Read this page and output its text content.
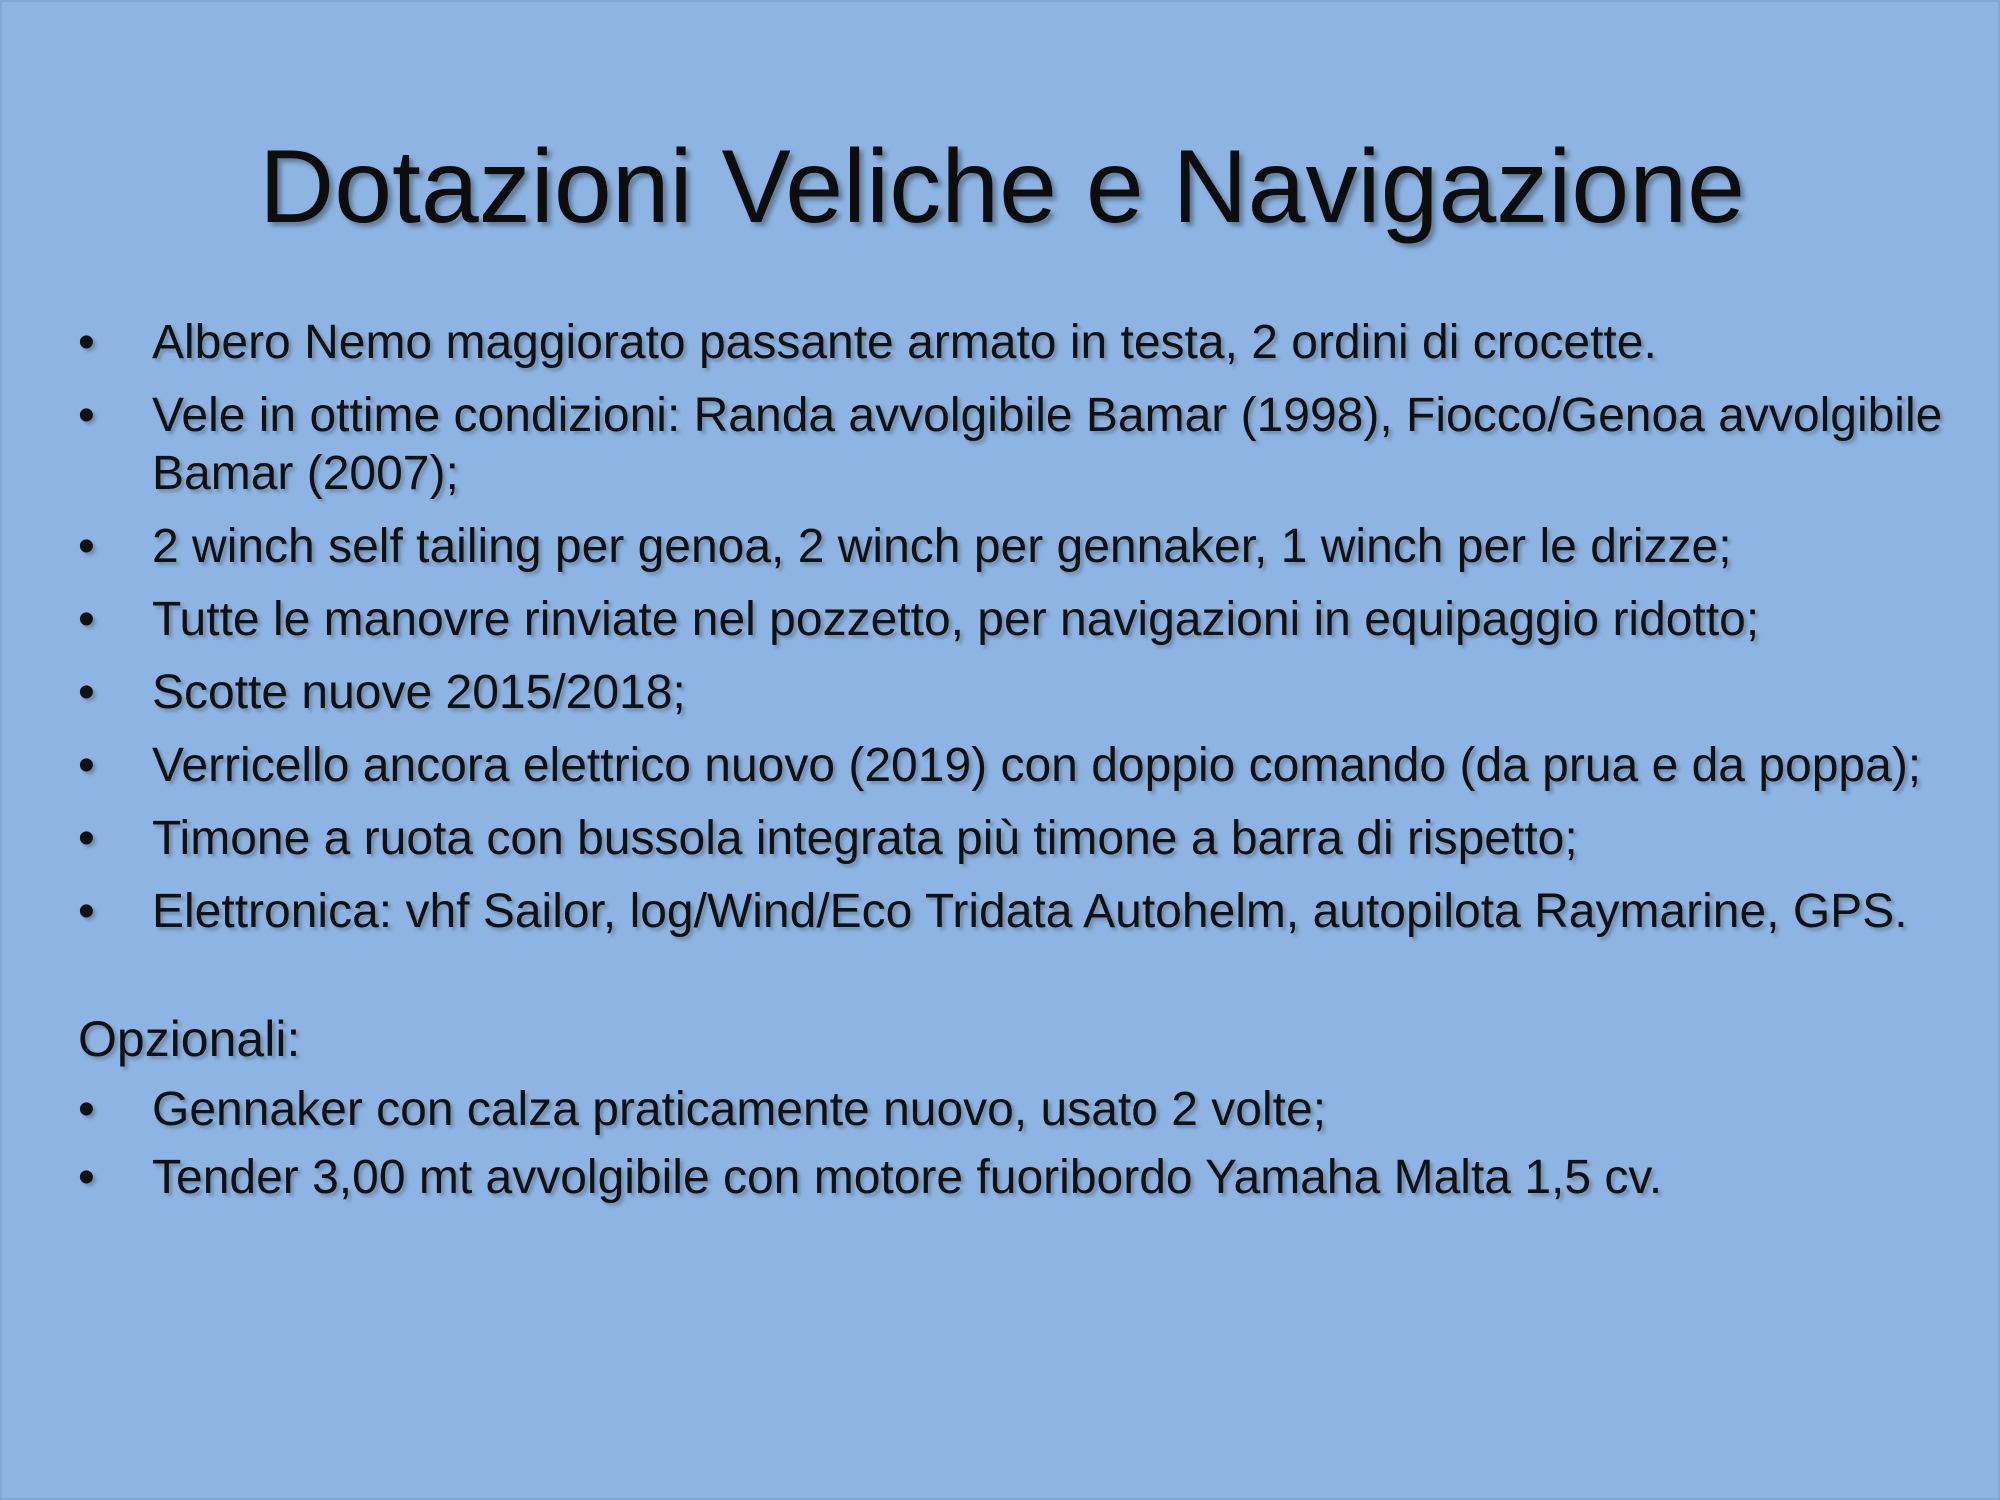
Dotazioni Veliche e Navigazione
•	Albero Nemo maggiorato passante armato in testa, 2 ordini di crocette.
•	Vele in ottime condizioni: Randa avvolgibile Bamar (1998), Fiocco/Genoa avvolgibile Bamar (2007);
•	2 winch self tailing per genoa, 2 winch per gennaker, 1 winch per le drizze;
•	Tutte le manovre rinviate nel pozzetto, per navigazioni in equipaggio ridotto;
•	Scotte nuove 2015/2018;
•	Verricello ancora elettrico nuovo (2019) con doppio comando (da prua e da poppa);
•	Timone a ruota con bussola integrata più timone a barra di rispetto;
•	Elettronica: vhf Sailor, log/Wind/Eco Tridata Autohelm, autopilota Raymarine, GPS.
Opzionali:
•	Gennaker con calza praticamente nuovo, usato 2 volte;
•	Tender 3,00 mt avvolgibile con motore fuoribordo Yamaha Malta 1,5 cv.
